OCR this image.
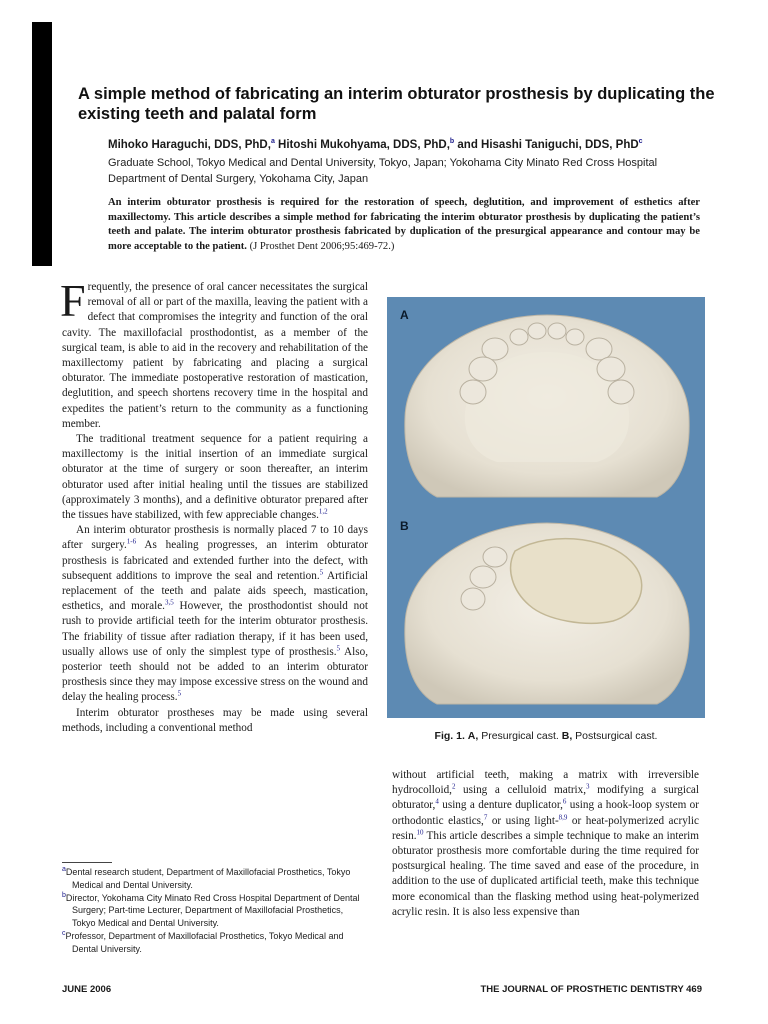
A simple method of fabricating an interim obturator prosthesis by duplicating the existing teeth and palatal form
Mihoko Haraguchi, DDS, PhD,$^a$ Hitoshi Mukohyama, DDS, PhD,$^b$ and Hisashi Taniguchi, DDS, PhD$^c$
Graduate School, Tokyo Medical and Dental University, Tokyo, Japan; Yokohama City Minato Red Cross Hospital Department of Dental Surgery, Yokohama City, Japan
An interim obturator prosthesis is required for the restoration of speech, deglutition, and improvement of esthetics after maxillectomy. This article describes a simple method for fabricating the interim obturator prosthesis by duplicating the patient’s teeth and palate. The interim obturator prosthesis fabricated by duplication of the presurgical appearance and contour may be more acceptable to the patient. (J Prosthet Dent 2006;95:469-72.)

Frequently, the presence of oral cancer necessitates the surgical removal of all or part of the maxilla, leaving the patient with a defect that compromises the integrity and function of the oral cavity. The maxillofacial prosthodontist, as a member of the surgical team, is able to aid in the recovery and rehabilitation of the maxillectomy patient by fabricating and placing a surgical obturator. The immediate postoperative restoration of mastication, deglutition, and speech shortens recovery time in the hospital and expedites the patient’s return to the community as a functioning member.

The traditional treatment sequence for a patient requiring a maxillectomy is the initial insertion of an immediate surgical obturator at the time of surgery or soon thereafter, an interim obturator used after initial healing until the tissues are stabilized (approximately 3 months), and a definitive obturator prepared after the tissues have stabilized, with few appreciable changes.$^{1,2}$

An interim obturator prosthesis is normally placed 7 to 10 days after surgery.$^{1-6}$ As healing progresses, an interim obturator prosthesis is fabricated and extended further into the defect, with subsequent additions to improve the seal and retention.$^5$ Artificial replacement of the teeth and palate aids speech, mastication, esthetics, and morale.$^{3,5}$ However, the prosthodontist should not rush to provide artificial teeth for the interim obturator prosthesis. The friability of tissue after radiation therapy, if it has been used, usually allows use of only the simplest type of prosthesis.$^5$ Also, posterior teeth should not be added to an interim obturator prosthesis since they may impose excessive stress on the wound and delay the healing process.$^5$

Interim obturator prostheses may be made using several methods, including a conventional method

$^a$Dental research student, Department of Maxillofacial Prosthetics, Tokyo Medical and Dental University.

$^b$Director, Yokohama City Minato Red Cross Hospital Department of Dental Surgery; Part-time Lecturer, Department of Maxillofacial Prosthetics, Tokyo Medical and Dental University.

$^c$Professor, Department of Maxillofacial Prosthetics, Tokyo Medical and Dental University.

A
B
Fig. 1. A, Presurgical cast. B, Postsurgical cast.

without artificial teeth, making a matrix with irreversible hydrocolloid,$^2$ using a celluloid matrix,$^3$ modifying a surgical obturator,$^4$ using a denture duplicator,$^6$ using a hook-loop system or orthodontic elastics,$^7$ or using light-$^{8,9}$ or heat-polymerized acrylic resin.$^{10}$ This article describes a simple technique to make an interim obturator prosthesis more comfortable during the time required for postsurgical healing. The time saved and ease of the procedure, in addition to the use of duplicated artificial teeth, make this technique more economical than the flasking method using heat-polymerized acrylic resin. It is also less expensive than

JUNE 2006	THE JOURNAL OF PROSTHETIC DENTISTRY 469
